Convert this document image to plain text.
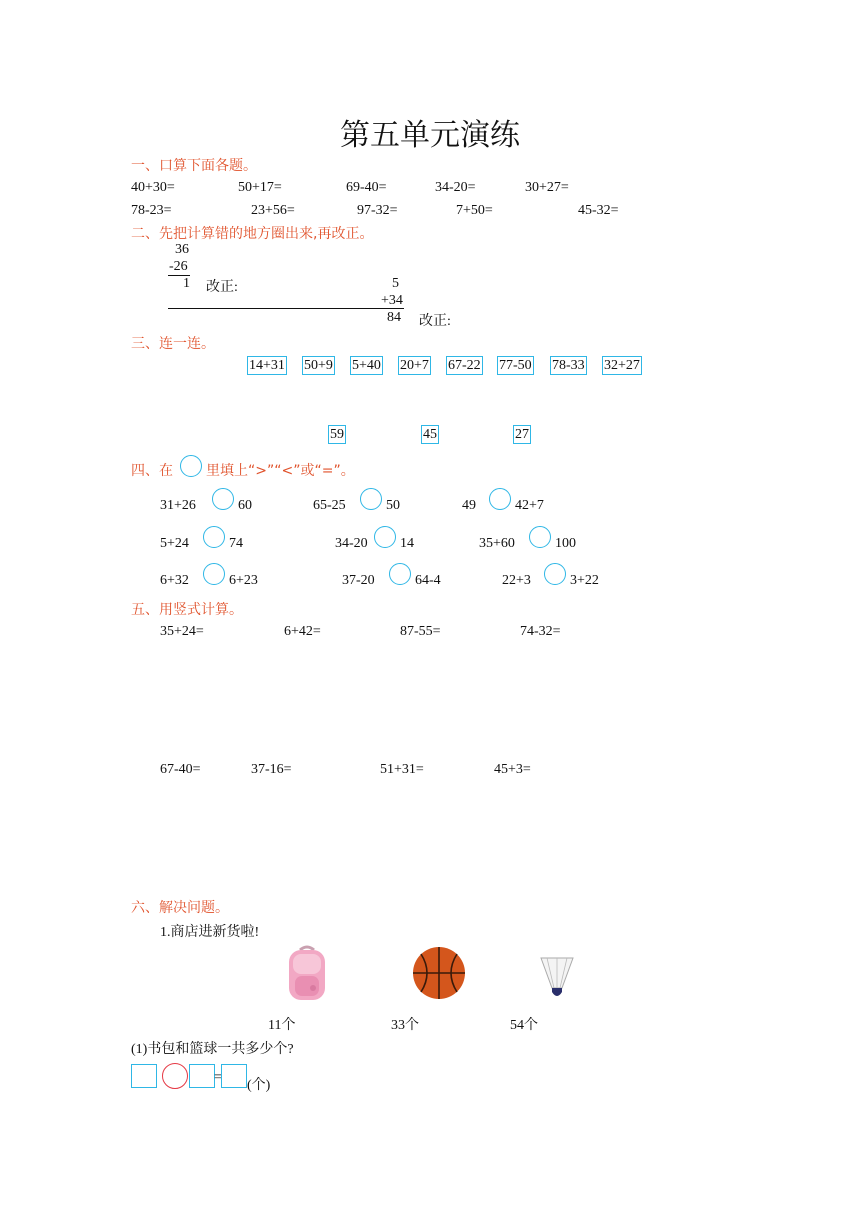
第五单元演练
一、口算下面各题。
40+30=	50+17=	69-40=	34-20=	30+27=
78-23=	23+56=	97-32=	7+50=	45-32=
二、先把计算错的地方圈出来,再改正。
36
-26
1 改正:	5
+34
84 改正:
三、连一连。
14+31 50+9 5+40 20+7 67-22 77-50 78-33 32+27
59	45	27
四、在 里填上“>”“<”或“=”。
31+26	60	65-25	50	49	42+7
5+24	74	34-20 14	35+60	100
6+32	6+23	37-20	64-4	22+3	3+22
五、用竖式计算。
35+24=	6+42=	87-55=	74-32=
67-40=	37-16=	51+31=	45+3=
六、解决问题。
1.商店进新货啦!
11个	33个	54个
(1)书包和篮球一共多少个?
=
(个)
